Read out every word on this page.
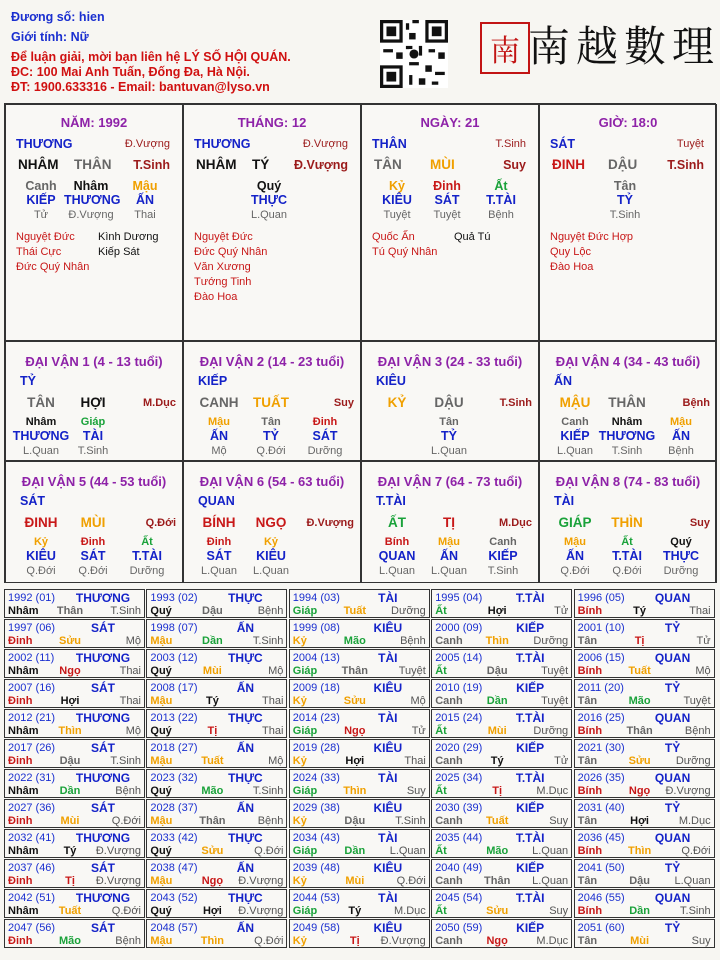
Đương số: hien
Giới tính: Nữ
Để luận giải, mời bạn liên hệ LÝ SỐ HỘI QUÁN.
ĐC: 100 Mai Anh Tuấn, Đống Đa, Hà Nội.
ĐT: 1900.633316 - Email: bantuvan@lyso.vn
南 南越數理
NĂM: 1992
THƯƠNG	Đ.Vượng
NHÂM THÂN T.Sinh
Canh
KIẾP
Tử
Nhâm
THƯƠNG
Đ.Vượng
Mậu
ẤN
Thai
Nguyệt Đức Kình Dương
Thái Cực	Kiếp Sát
Đức Quý Nhân
THÁNG: 12
THƯƠNG	Đ.Vượng
NHÂM TÝ Đ.Vượng
Quý
THỰC
L.Quan
Nguyệt Đức
Đức Quý Nhân
Văn Xương
Tướng Tinh
Đào Hoa
NGÀY: 21
THÂN	T.Sinh
TÂN MÙI	Suy
Kỷ
KIÊU
Tuyệt
Đinh
SÁT
Tuyệt
Ất
T.TÀI
Bệnh
Quốc Ấn	Quả Tú
Tú Quý Nhân
GIỜ: 18:0
SÁT	Tuyệt
ĐINH DẬU T.Sinh
Tân
TỶ
T.Sinh
Nguyệt Đức Hợp
Quy Lộc
Đào Hoa
ĐẠI VẬN 1 (4 - 13 tuổi)
TỶ
TÂN	HỢI	M.Dục
Nhâm
THƯƠNG
L.Quan
Giáp
TÀI
T.Sinh
ĐẠI VẬN 2 (14 - 23 tuổi)
KIẾP
CANH	TUẤT	Suy
Mậu
ẤN
Mộ
Tân
TỶ
Q.Đới
Đinh
SÁT
Dưỡng
ĐẠI VẬN 3 (24 - 33 tuổi)
KIÊU
KỶ	DẬU	T.Sinh
Tân
TỶ
L.Quan
ĐẠI VẬN 4 (34 - 43 tuổi)
ẤN
MẬU	THÂN	Bệnh
Canh
KIẾP
L.Quan
Nhâm
THƯƠNG
T.Sinh
Mậu
ẤN
Bệnh
ĐẠI VẬN 5 (44 - 53 tuổi)
SÁT
ĐINH	MÙI	Q.Đới
Kỷ
KIÊU
Q.Đới
Đinh
SÁT
Q.Đới
Ất
T.TÀI
Dưỡng
ĐẠI VẬN 6 (54 - 63 tuổi)
QUAN
BÍNH	NGỌ	Đ.Vượng
Đinh
SÁT
L.Quan
Kỷ
KIÊU
L.Quan
ĐẠI VẬN 7 (64 - 73 tuổi)
T.TÀI
ẤT	TỊ	M.Dục
Bính
QUAN
L.Quan
Mậu
ẤN
L.Quan
Canh
KIẾP
T.Sinh
ĐẠI VẬN 8 (74 - 83 tuổi)
TÀI
GIÁP	THÌN	Suy
Mậu
ẤN
Q.Đới
Ất
T.TÀI
Q.Đới
Quý
THỰC
Dưỡng
1992 (01)	THƯƠNG
Nhâm	Thân	T.Sinh
1993 (02)	THỰC
Quý	Dậu	Bệnh
1994 (03)	TÀI
Giáp	Tuất	Dưỡng
1995 (04)	T.TÀI
Ất	Hợi	Tử
1996 (05)	QUAN
Bính	Tý	Thai
1997 (06)	SÁT
Đinh	Sửu	Mộ
1998 (07)	ẤN
Mậu	Dần	T.Sinh
1999 (08)	KIÊU
Kỷ	Mão	Bệnh
2000 (09)	KIẾP
Canh	Thìn	Dưỡng
2001 (10)	TỶ
Tân	Tị	Tử
2002 (11)	THƯƠNG
Nhâm	Ngọ	Thai
2003 (12)	THỰC
Quý	Mùi	Mộ
2004 (13)	TÀI
Giáp	Thân	Tuyệt
2005 (14)	T.TÀI
Ất	Dậu	Tuyệt
2006 (15)	QUAN
Bính	Tuất	Mộ
2007 (16)	SÁT
Đinh	Hợi	Thai
2008 (17)	ẤN
Mậu	Tý	Thai
2009 (18)	KIÊU
Kỷ	Sửu	Mộ
2010 (19)	KIẾP
Canh	Dần	Tuyệt
2011 (20)	TỶ
Tân	Mão	Tuyệt
2012 (21)	THƯƠNG
Nhâm	Thìn	Mộ
2013 (22)	THỰC
Quý	Tị	Thai
2014 (23)	TÀI
Giáp	Ngọ	Tử
2015 (24)	T.TÀI
Ất	Mùi	Dưỡng
2016 (25)	QUAN
Bính	Thân	Bệnh
2017 (26)	SÁT
Đinh	Dậu	T.Sinh
2018 (27)	ẤN
Mậu	Tuất	Mộ
2019 (28)	KIÊU
Kỷ	Hợi	Thai
2020 (29)	KIẾP
Canh	Tý	Tử
2021 (30)	TỶ
Tân	Sửu	Dưỡng
2022 (31)	THƯƠNG
Nhâm	Dần	Bệnh
2023 (32)	THỰC
Quý	Mão	T.Sinh
2024 (33)	TÀI
Giáp	Thìn	Suy
2025 (34)	T.TÀI
Ất	Tị	M.Dục
2026 (35)	QUAN
Bính	Ngọ	Đ.Vượng
2027 (36)	SÁT
Đinh	Mùi	Q.Đới
2028 (37)	ẤN
Mậu	Thân	Bệnh
2029 (38)	KIÊU
Kỷ	Dậu	T.Sinh
2030 (39)	KIẾP
Canh	Tuất	Suy
2031 (40)	TỶ
Tân	Hợi	M.Dục
2032 (41)	THƯƠNG
Nhâm	Tý	Đ.Vượng
2033 (42)	THỰC
Quý	Sửu	Q.Đới
2034 (43)	TÀI
Giáp	Dần	L.Quan
2035 (44)	T.TÀI
Ất	Mão	L.Quan
2036 (45)	QUAN
Bính	Thìn	Q.Đới
2037 (46)	SÁT
Đinh	Tị	Đ.Vượng
2038 (47)	ẤN
Mậu	Ngọ	Đ.Vượng
2039 (48)	KIÊU
Kỷ	Mùi	Q.Đới
2040 (49)	KIẾP
Canh	Thân	L.Quan
2041 (50)	TỶ
Tân	Dậu	L.Quan
2042 (51)	THƯƠNG
Nhâm	Tuất	Q.Đới
2043 (52)	THỰC
Quý	Hợi	Đ.Vượng
2044 (53)	TÀI
Giáp	Tý	M.Dục
2045 (54)	T.TÀI
Ất	Sửu	Suy
2046 (55)	QUAN
Bính	Dần	T.Sinh
2047 (56)	SÁT
Đinh	Mão	Bệnh
2048 (57)	ẤN
Mậu	Thìn	Q.Đới
2049 (58)	KIÊU
Kỷ	Tị	Đ.Vượng
2050 (59)	KIẾP
Canh	Ngọ	M.Dục
2051 (60)	TỶ
Tân	Mùi	Suy
